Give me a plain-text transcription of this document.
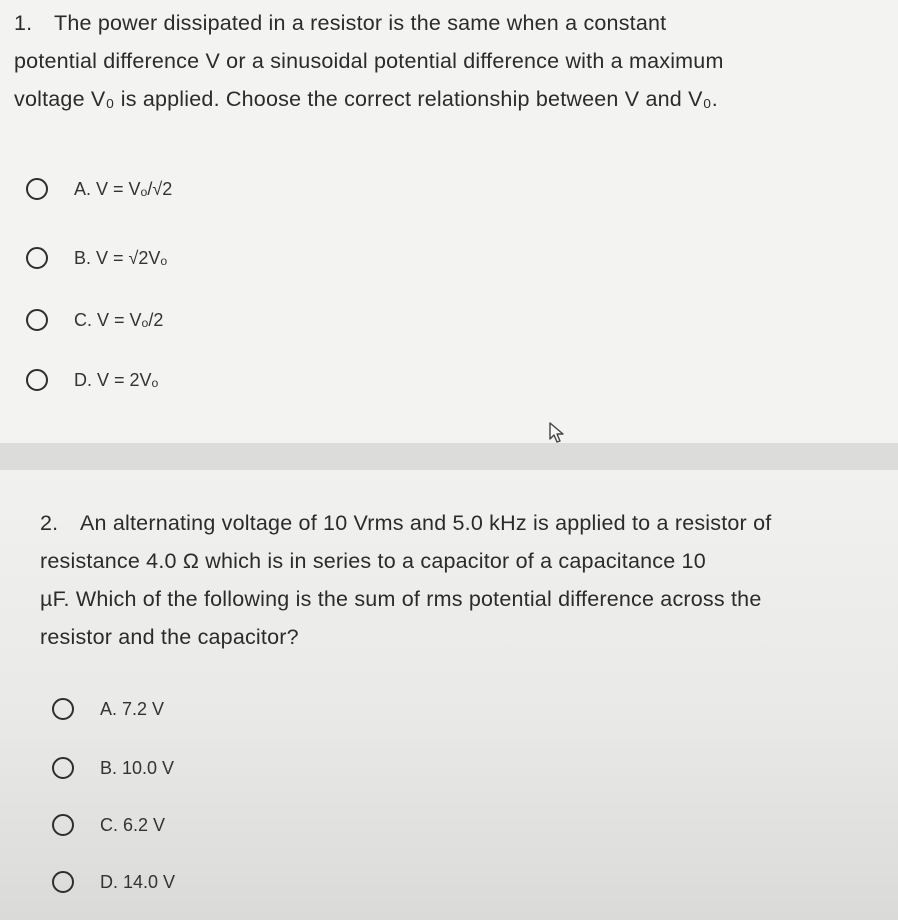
1. The power dissipated in a resistor is the same when a constant
potential difference V or a sinusoidal potential difference with a maximum
voltage V₀ is applied. Choose the correct relationship between V and V₀.
A. V = Vₒ/√2
B. V = √2Vₒ
C. V = Vₒ/2
D. V = 2Vₒ
2. An alternating voltage of 10 Vrms and 5.0 kHz is applied to a resistor of
resistance 4.0 Ω which is in series to a capacitor of a capacitance 10
µF. Which of the following is the sum of rms potential difference across the
resistor and the capacitor?
A. 7.2 V
B. 10.0 V
C. 6.2 V
D. 14.0 V
